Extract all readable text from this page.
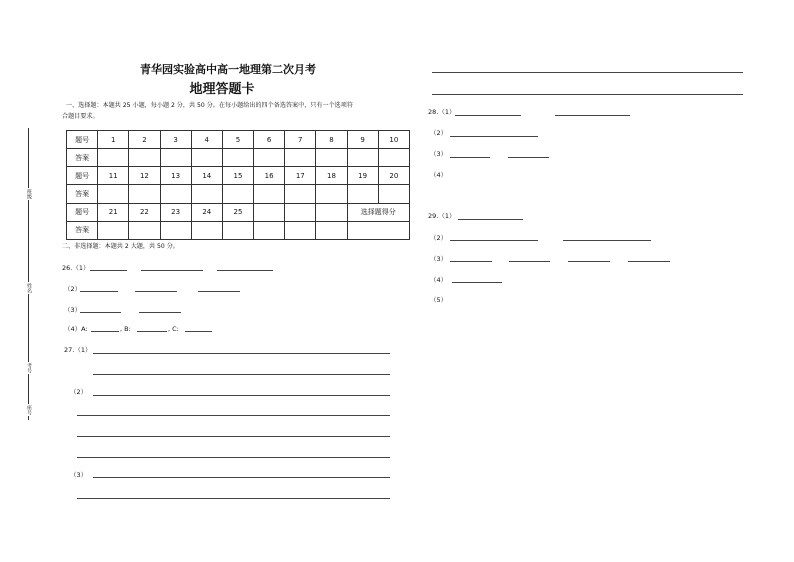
班级
姓名
考号
座号
青华园实验高中高一地理第二次月考
地理答题卡
一、选择题：本题共 25 小题，每小题 2 分，共 50 分。在每小题给出的四个备选答案中，只有一个选项符
合题目要求。
题号	1	2	3	4	5	6	7	8	9	10
答案										
题号	11	12	13	14	15	16	17	18	19	20
答案										
题号	21	22	23	24	25				选择题得分	
答案										
二、非选择题：本题共 2 大题，共 50 分。
26.（1）
（2）
（3）
（4）A:	, B:	, C:
27.（1）
（2）
（3）
28.（1）
（2）
（3）
（4）
29.（1）
（2）
（3）
（4）
（5）
